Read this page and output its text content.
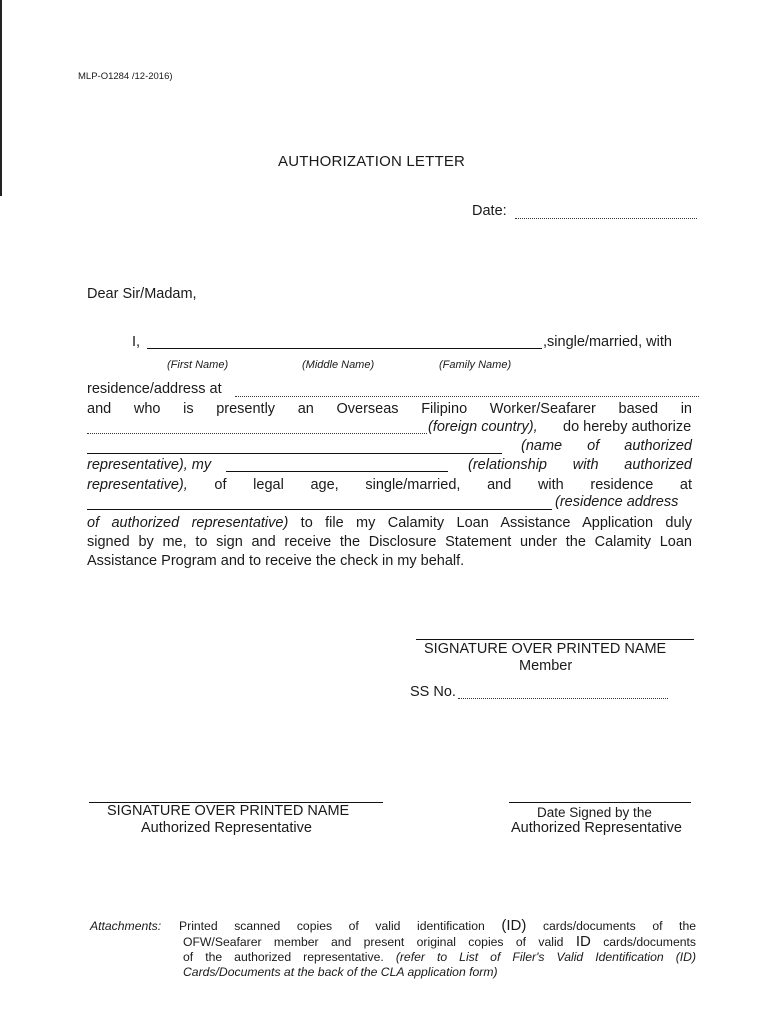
MLP-O1284 /12-2016)
AUTHORIZATION LETTER
Date:
Dear Sir/Madam,
I,	,single/married, with
(First Name)	(Middle Name)	(Family Name)
residence/address at
and who is presently an Overseas Filipino Worker/Seafarer based in
(foreign country), do hereby authorize
(name of authorized
representative), my	(relationship with authorized
representative), of legal age, single/married, and with residence at
(residence address
of authorized representative) to file my Calamity Loan Assistance Application duly
signed by me, to sign and receive the Disclosure Statement under the Calamity Loan
Assistance Program and to receive the check in my behalf.
SIGNATURE OVER PRINTED NAME
Member
SS No.
SIGNATURE OVER PRINTED NAME
Authorized Representative
Date Signed by the
Authorized Representative
Attachments: Printed scanned copies of valid identification (ID) cards/documents of the
OFW/Seafarer member and present original copies of valid ID cards/documents
of the authorized representative. (refer to List of Filer's Valid Identification (ID)
Cards/Documents at the back of the CLA application form)
